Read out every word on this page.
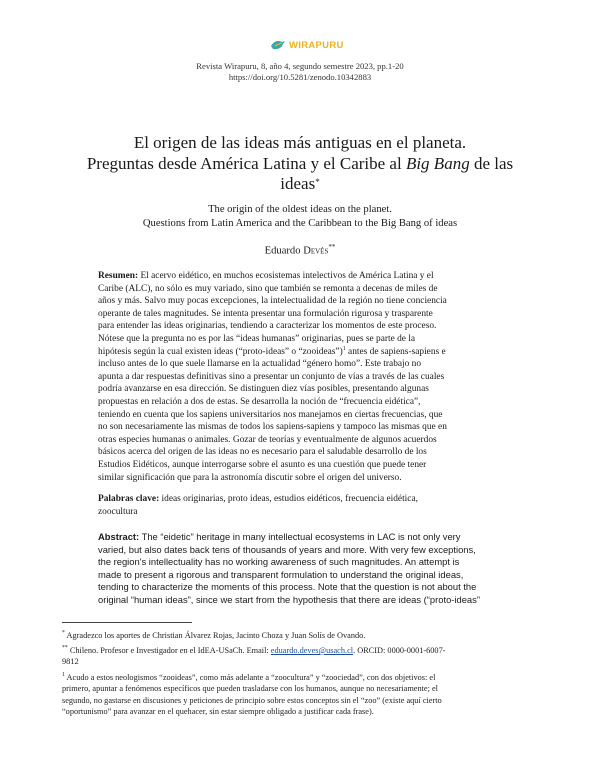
WIRAPURU
Revista Wirapuru, 8, año 4, segundo semestre 2023, pp.1-20
https://doi.org/10.5281/zenodo.10342883
El origen de las ideas más antiguas en el planeta.
Preguntas desde América Latina y el Caribe al Big Bang de las
ideas*
The origin of the oldest ideas on the planet.
Questions from Latin America and the Caribbean to the Big Bang of ideas
Eduardo Devés**
Resumen: El acervo eidético, en muchos ecosistemas intelectivos de América Latina y el
Caribe (ALC), no sólo es muy variado, sino que también se remonta a decenas de miles de
años y más. Salvo muy pocas excepciones, la intelectualidad de la región no tiene conciencia
operante de tales magnitudes. Se intenta presentar una formulación rigurosa y trasparente
para entender las ideas originarias, tendiendo a caracterizar los momentos de este proceso.
Nótese que la pregunta no es por las “ideas humanas” originarias, pues se parte de la
hipótesis según la cual existen ideas (“proto-ideas” o “zooideas”)$^1$ antes de sapiens-sapiens e
incluso antes de lo que suele llamarse en la actualidad “género homo”. Este trabajo no
apunta a dar respuestas definitivas sino a presentar un conjunto de vías a través de las cuales
podría avanzarse en esa dirección. Se distinguen diez vías posibles, presentando algunas
propuestas en relación a dos de estas. Se desarrolla la noción de “frecuencia eidética”,
teniendo en cuenta que los sapiens universitarios nos manejamos en ciertas frecuencias, que
no son necesariamente las mismas de todos los sapiens-sapiens y tampoco las mismas que en
otras especies humanas o animales. Gozar de teorías y eventualmente de algunos acuerdos
básicos acerca del origen de las ideas no es necesario para el saludable desarrollo de los
Estudios Eidéticos, aunque interrogarse sobre el asunto es una cuestión que puede tener
similar significación que para la astronomía discutir sobre el origen del universo.
Palabras clave: ideas originarias, proto ideas, estudios eidéticos, frecuencia eidética,
zoocultura
Abstract: The “eidetic” heritage in many intellectual ecosystems in LAC is not only very
varied, but also dates back tens of thousands of years and more. With very few exceptions,
the region's intellectuality has no working awareness of such magnitudes. An attempt is
made to present a rigorous and transparent formulation to understand the original ideas,
tending to characterize the moments of this process. Note that the question is not about the
original “human ideas”, since we start from the hypothesis that there are ideas (“proto-ideas”
* Agradezco los aportes de Christian Álvarez Rojas, Jacinto Choza y Juan Solís de Ovando.
** Chileno. Profesor e Investigador en el IdEA-USaCh. Email: eduardo.deves@usach.cl. ORCID: 0000-0001-6007-
9812
$^1$ Acudo a estos neologismos “zooideas”, como más adelante a “zoocultura” y “zoociedad”, con dos objetivos: el
primero, apuntar a fenómenos específicos que pueden trasladarse con los humanos, aunque no necesariamente; el
segundo, no gastarse en discusiones y peticiones de principio sobre estos conceptos sin el “zoo” (existe aquí cierto
“oportunismo” para avanzar en el quehacer, sin estar siempre obligado a justificar cada frase).
